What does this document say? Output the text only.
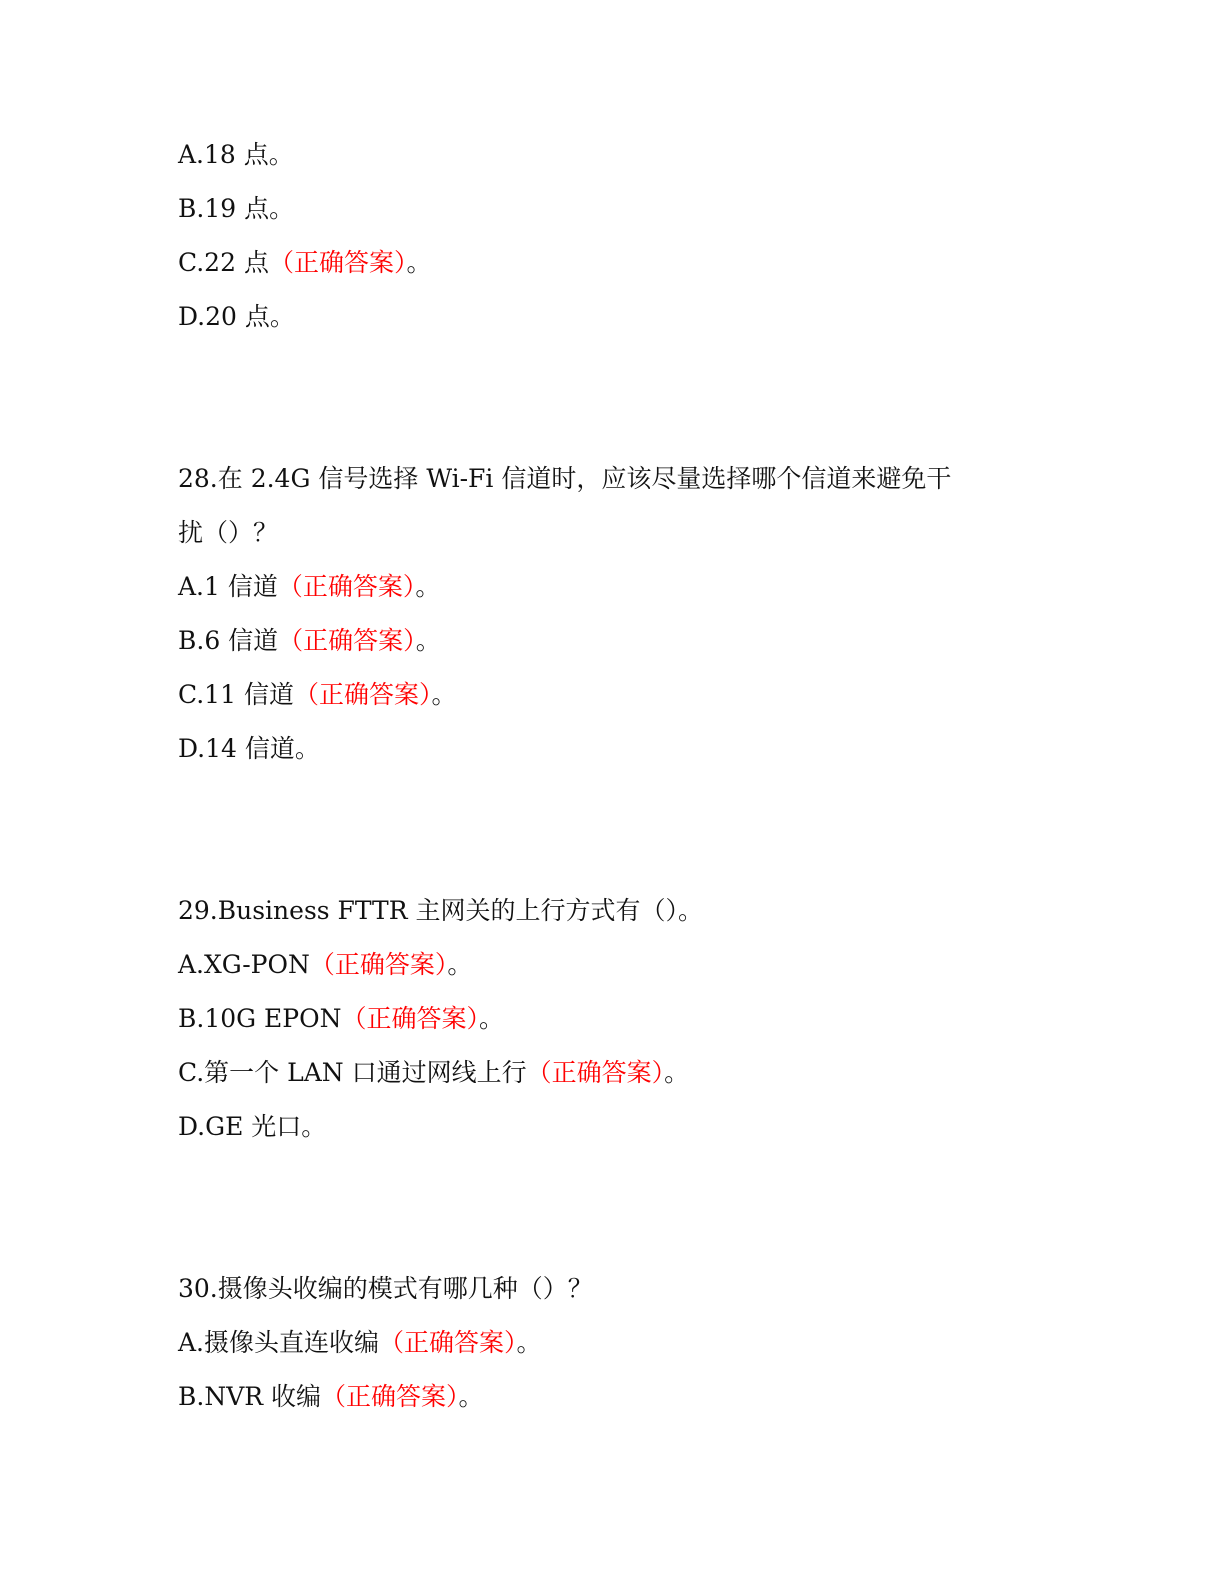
A.18 点。
B.19 点。
C.22 点（正确答案）。
D.20 点。
28.在 2.4G 信号选择 Wi-Fi 信道时，应该尽量选择哪个信道来避免干
扰（）？
A.1 信道（正确答案）。
B.6 信道（正确答案）。
C.11 信道（正确答案）。
D.14 信道。
29.Business FTTR 主网关的上行方式有（）。
A.XG-PON（正确答案）。
B.10G EPON（正确答案）。
C.第一个 LAN 口通过网线上行（正确答案）。
D.GE 光口。
30.摄像头收编的模式有哪几种（）？
A.摄像头直连收编（正确答案）。
B.NVR 收编（正确答案）。
